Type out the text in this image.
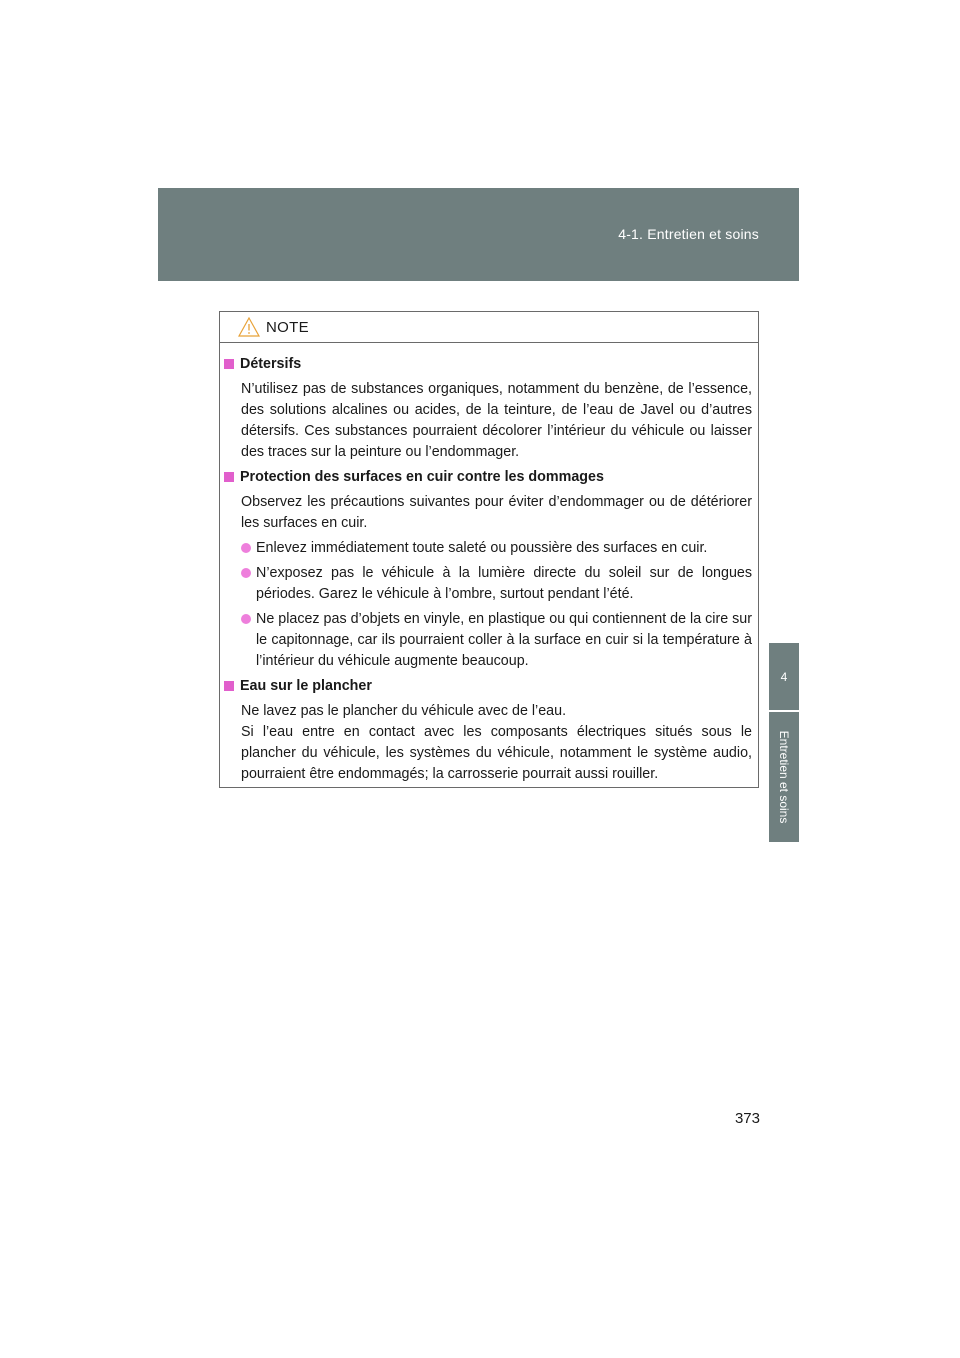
4-1. Entretien et soins
4
Entretien et soins
NOTE
Détersifs
N’utilisez pas de substances organiques, notamment du benzène, de l’essence, des solutions alcalines ou acides, de la teinture, de l’eau de Javel ou d’autres détersifs. Ces substances pourraient décolorer l’intérieur du véhicule ou laisser des traces sur la peinture ou l’endommager.
Protection des surfaces en cuir contre les dommages
Observez les précautions suivantes pour éviter d’endommager ou de détériorer les surfaces en cuir.
Enlevez immédiatement toute saleté ou poussière des surfaces en cuir.
N’exposez pas le véhicule à la lumière directe du soleil sur de longues périodes. Garez le véhicule à l’ombre, surtout pendant l’été.
Ne placez pas d’objets en vinyle, en plastique ou qui contiennent de la cire sur le capitonnage, car ils pourraient coller à la surface en cuir si la température à l’intérieur du véhicule augmente beaucoup.
Eau sur le plancher
Ne lavez pas le plancher du véhicule avec de l’eau.
Si l’eau entre en contact avec les composants électriques situés sous le plancher du véhicule, les systèmes du véhicule, notamment le système audio, pourraient être endommagés; la carrosserie pourrait aussi rouiller.
373
